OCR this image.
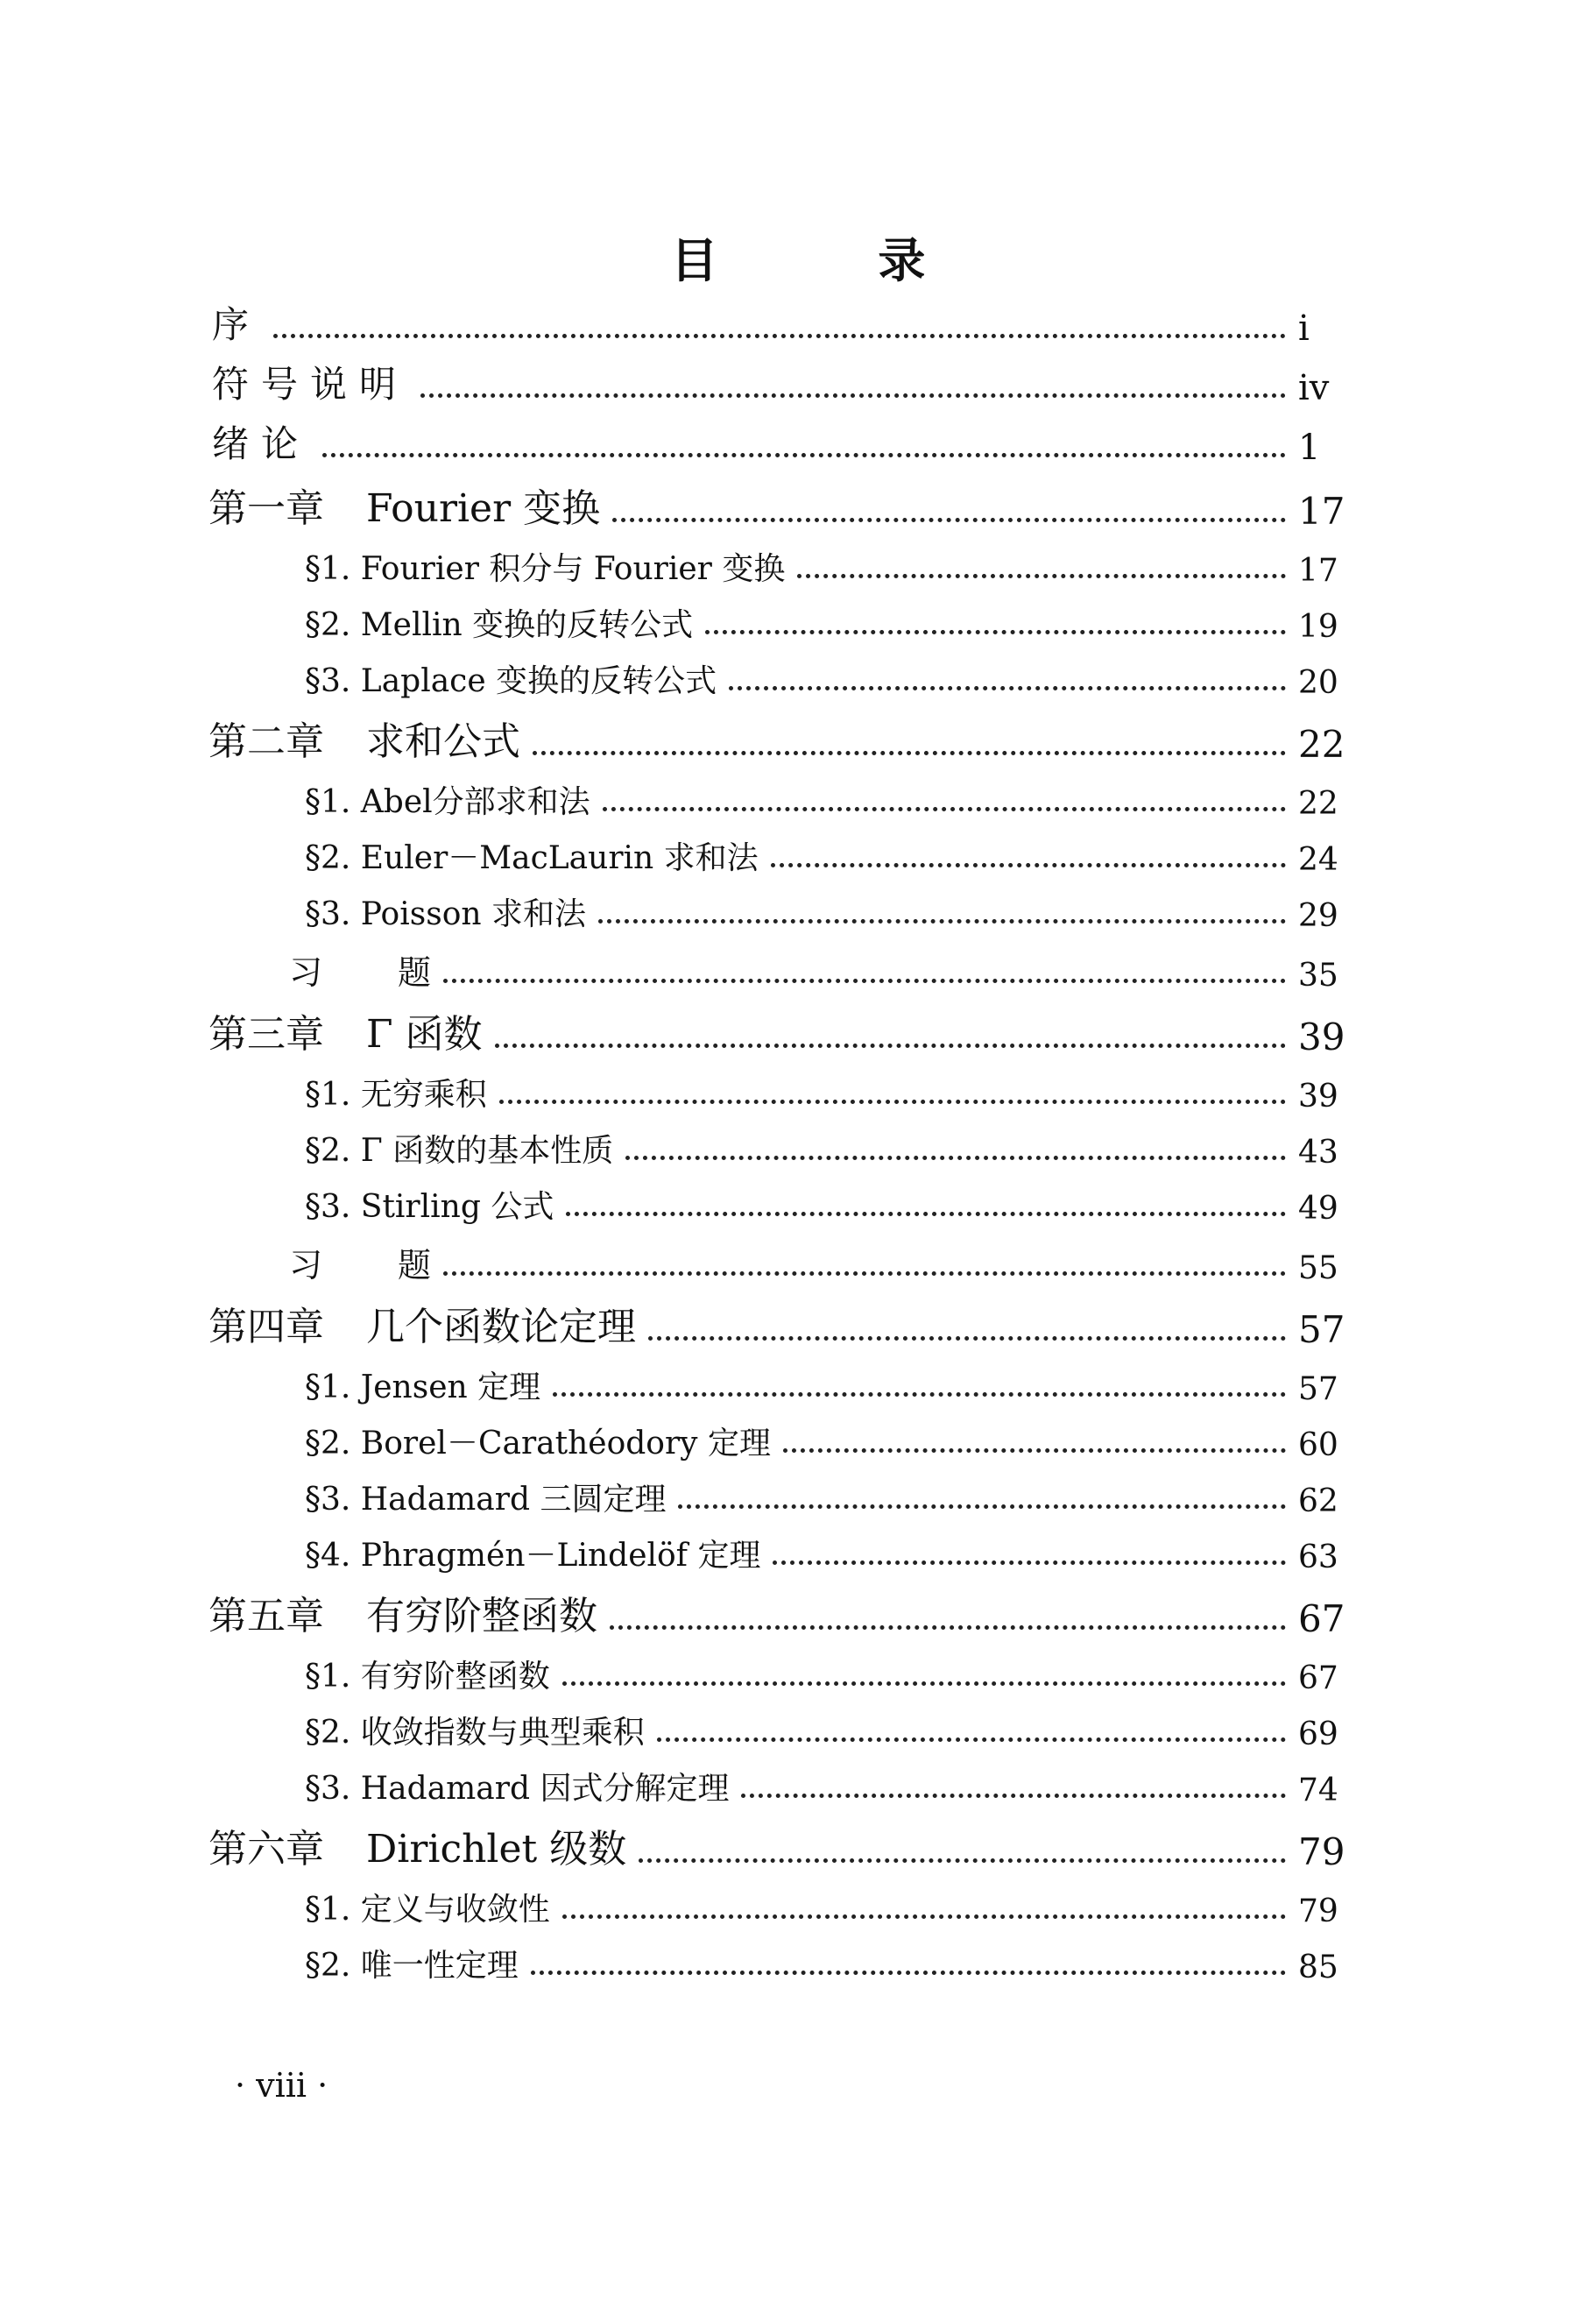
目	录
序	i
符号说明	iv
绪论	1
第一章 Fourier 变换	17
§1. Fourier 积分与 Fourier 变换	17
§2. Mellin 变换的反转公式	19
§3. Laplace 变换的反转公式	20
第二章 求和公式	22
§1. Abel分部求和法	22
§2. Euler－MacLaurin 求和法	24
§3. Poisson 求和法	29
习 题	35
第三章 Γ 函数	39
§1. 无穷乘积	39
§2. Γ 函数的基本性质	43
§3. Stirling 公式	49
习 题	55
第四章 几个函数论定理	57
§1. Jensen 定理	57
§2. Borel－Carathéodory 定理	60
§3. Hadamard 三圆定理	62
§4. Phragmén－Lindelöf 定理	63
第五章 有穷阶整函数	67
§1. 有穷阶整函数	67
§2. 收敛指数与典型乘积	69
§3. Hadamard 因式分解定理	74
第六章 Dirichlet 级数	79
§1. 定义与收敛性	79
§2. 唯一性定理	85
· viii ·
